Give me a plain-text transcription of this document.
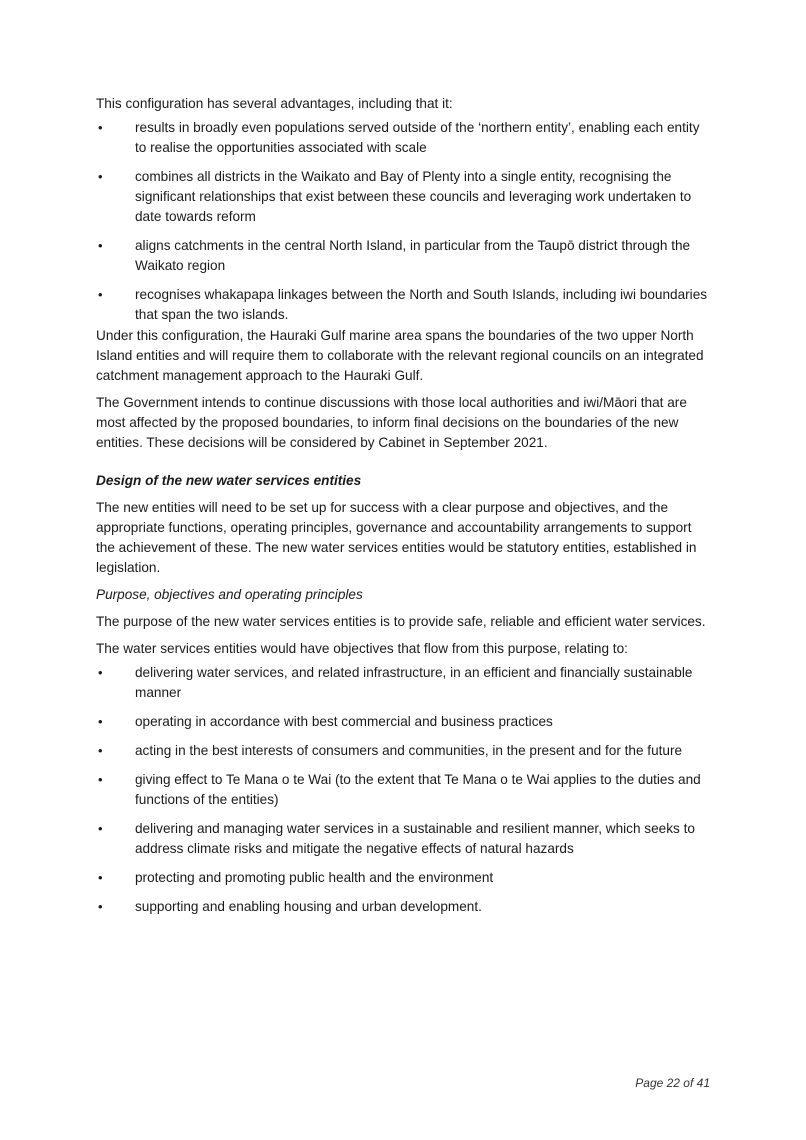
This configuration has several advantages, including that it:

• results in broadly even populations served outside of the ‘northern entity’, enabling each entity to realise the opportunities associated with scale
• combines all districts in the Waikato and Bay of Plenty into a single entity, recognising the significant relationships that exist between these councils and leveraging work undertaken to date towards reform
• aligns catchments in the central North Island, in particular from the Taupō district through the Waikato region
• recognises whakapapa linkages between the North and South Islands, including iwi boundaries that span the two islands.

Under this configuration, the Hauraki Gulf marine area spans the boundaries of the two upper North Island entities and will require them to collaborate with the relevant regional councils on an integrated catchment management approach to the Hauraki Gulf.

The Government intends to continue discussions with those local authorities and iwi/Māori that are most affected by the proposed boundaries, to inform final decisions on the boundaries of the new entities. These decisions will be considered by Cabinet in September 2021.

Design of the new water services entities

The new entities will need to be set up for success with a clear purpose and objectives, and the appropriate functions, operating principles, governance and accountability arrangements to support the achievement of these. The new water services entities would be statutory entities, established in legislation.

Purpose, objectives and operating principles

The purpose of the new water services entities is to provide safe, reliable and efficient water services.

The water services entities would have objectives that flow from this purpose, relating to:

• delivering water services, and related infrastructure, in an efficient and financially sustainable manner
• operating in accordance with best commercial and business practices
• acting in the best interests of consumers and communities, in the present and for the future
• giving effect to Te Mana o te Wai (to the extent that Te Mana o te Wai applies to the duties and functions of the entities)
• delivering and managing water services in a sustainable and resilient manner, which seeks to address climate risks and mitigate the negative effects of natural hazards
• protecting and promoting public health and the environment
• supporting and enabling housing and urban development.
Page 22 of 41
